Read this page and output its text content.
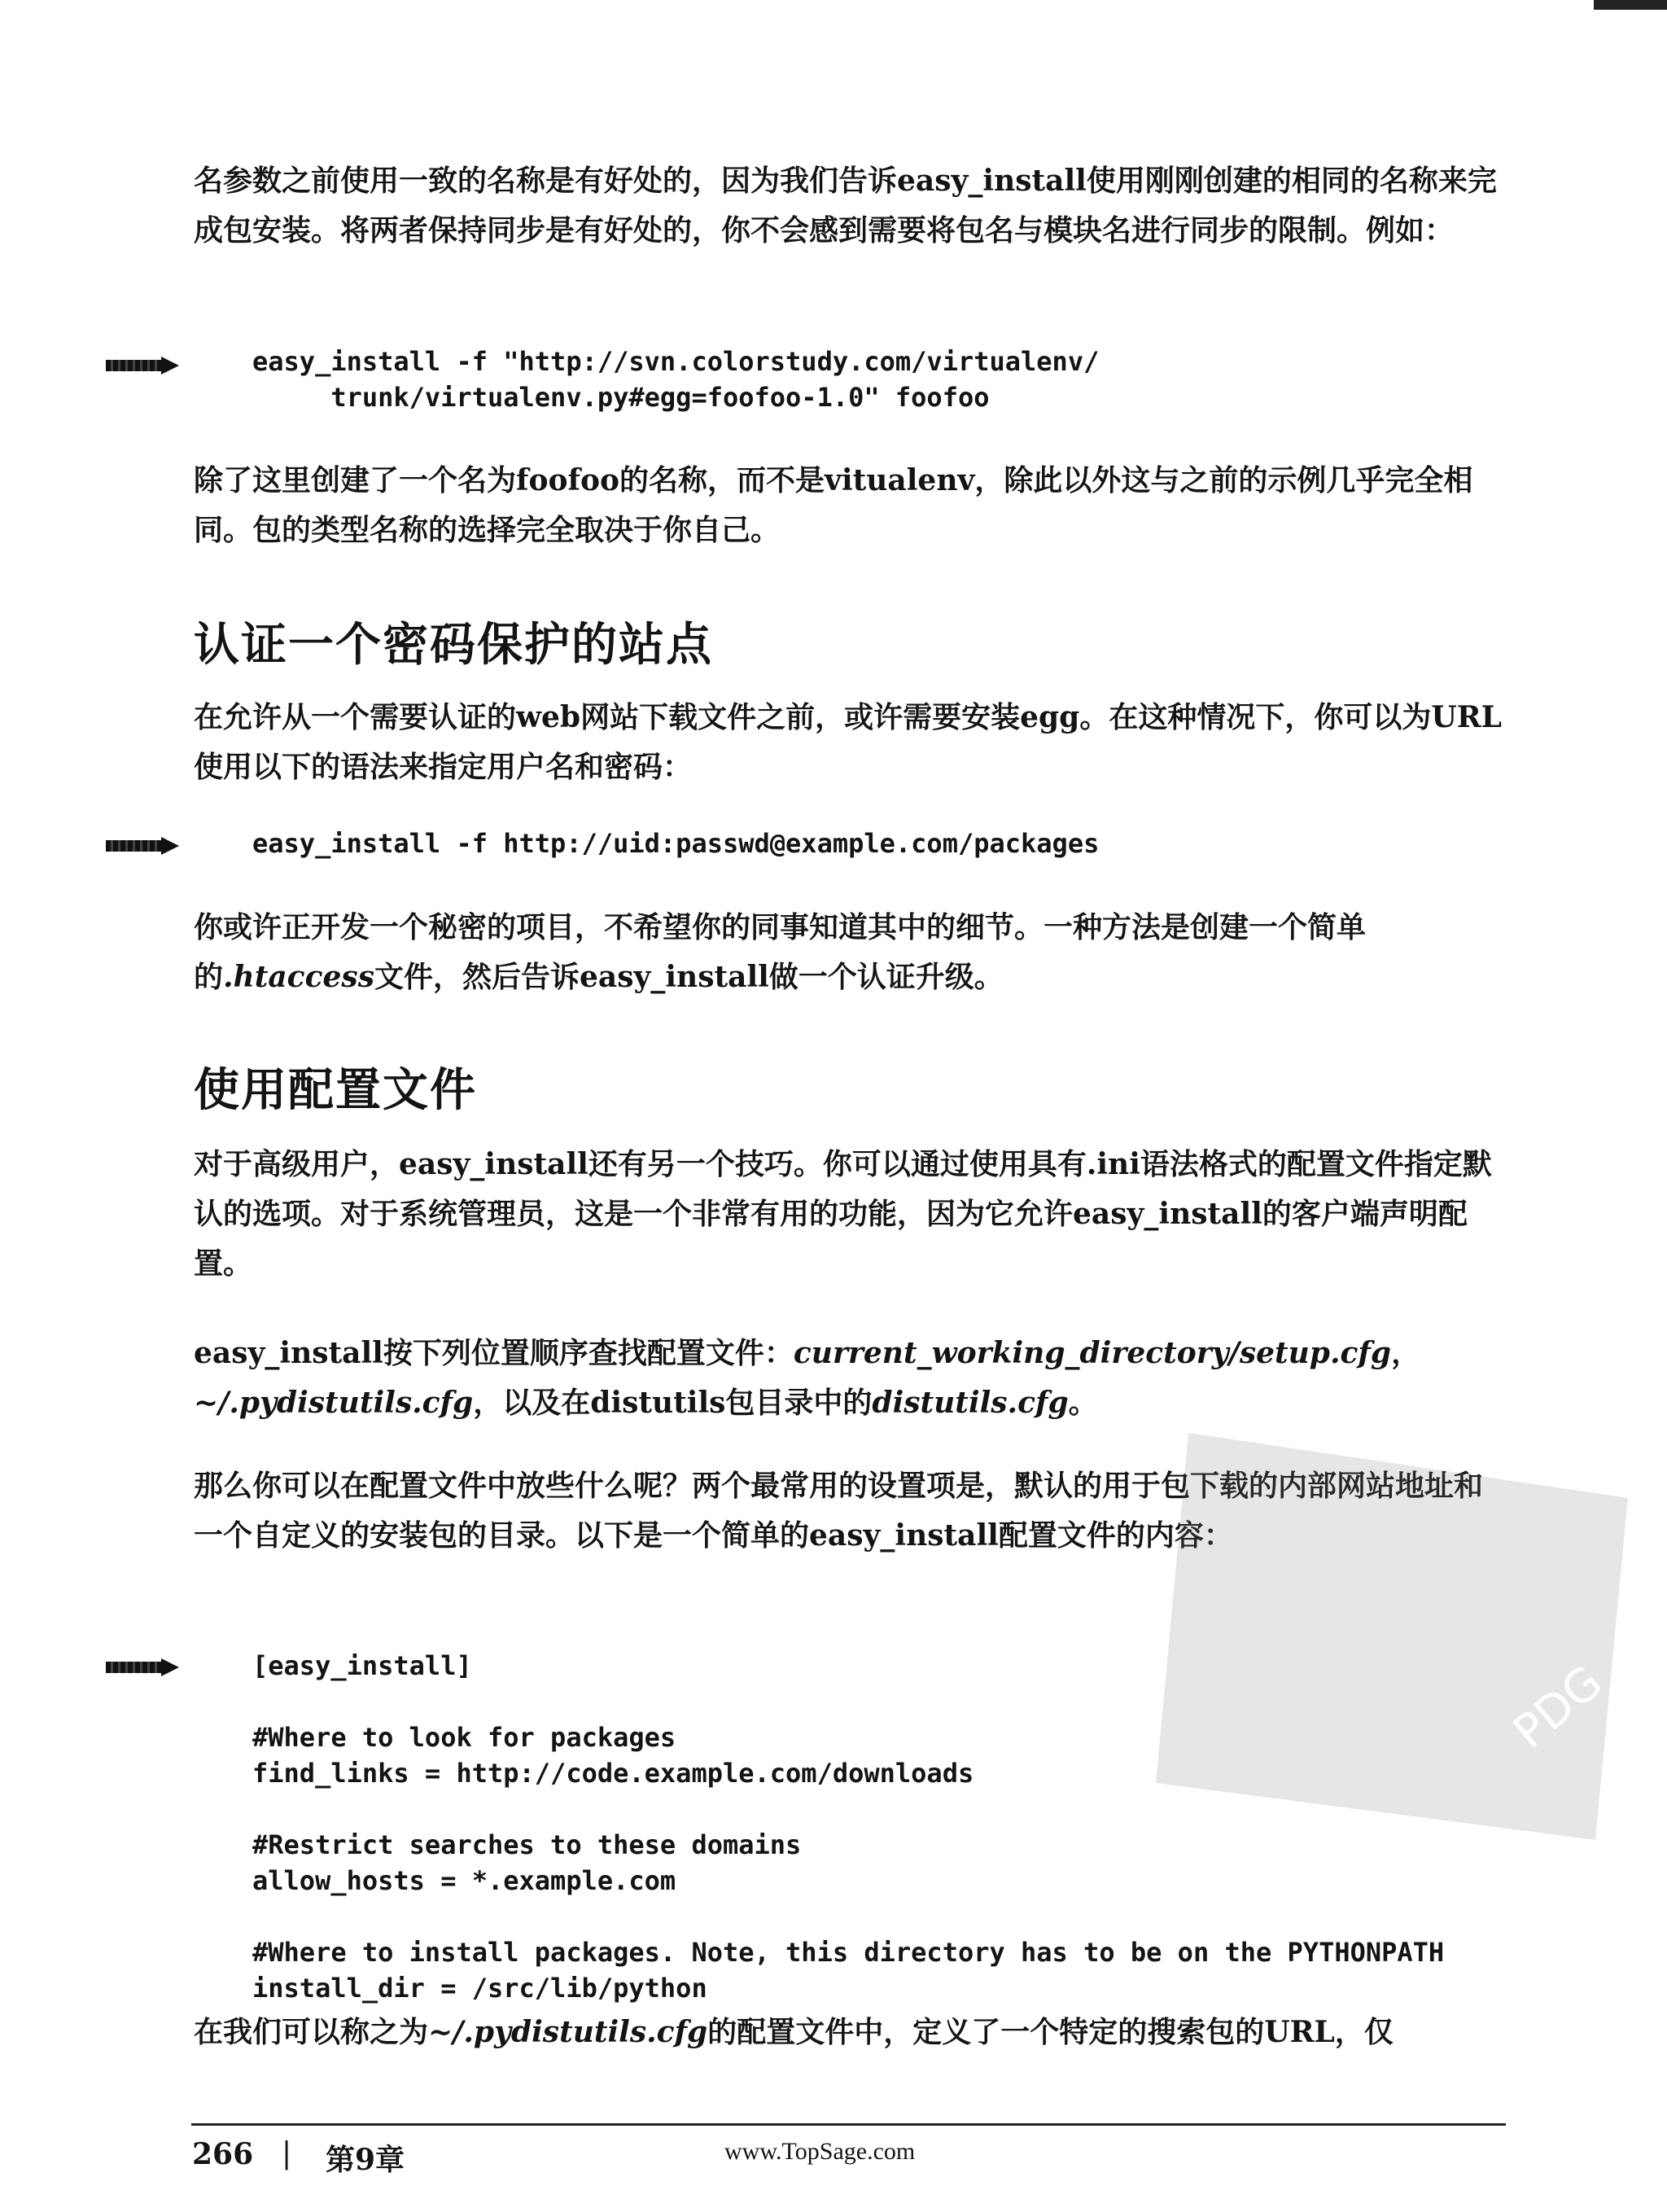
名参数之前使用一致的名称是有好处的，因为我们告诉easy_install使用刚刚创建的相同的名称来完成包安装。将两者保持同步是有好处的，你不会感到需要将包名与模块名进行同步的限制。例如：

easy_install -f "http://svn.colorstudy.com/virtualenv/
trunk/virtualenv.py#egg=foofoo-1.0" foofoo

除了这里创建了一个名为foofoo的名称，而不是vitualenv，除此以外这与之前的示例几乎完全相同。包的类型名称的选择完全取决于你自己。

认证一个密码保护的站点

在允许从一个需要认证的web网站下载文件之前，或许需要安装egg。在这种情况下，你可以为URL使用以下的语法来指定用户名和密码：

easy_install -f http://uid:passwd@example.com/packages

你或许正开发一个秘密的项目，不希望你的同事知道其中的细节。一种方法是创建一个简单的.htaccess文件，然后告诉easy_install做一个认证升级。

使用配置文件

对于高级用户，easy_install还有另一个技巧。你可以通过使用具有.ini语法格式的配置文件指定默认的选项。对于系统管理员，这是一个非常有用的功能，因为它允许easy_install的客户端声明配置。

easy_install按下列位置顺序查找配置文件：current_working_directory/setup.cfg，~/.pydistutils.cfg，以及在distutils包目录中的distutils.cfg。

那么你可以在配置文件中放些什么呢？两个最常用的设置项是，默认的用于包下载的内部网站地址和一个自定义的安装包的目录。以下是一个简单的easy_install配置文件的内容：

[easy_install]

#Where to look for packages
find_links = http://code.example.com/downloads

#Restrict searches to these domains
allow_hosts = *.example.com

#Where to install packages. Note, this directory has to be on the PYTHONPATH
install_dir = /src/lib/python

在我们可以称之为~/.pydistutils.cfg的配置文件中，定义了一个特定的搜索包的URL，仅

PDG
266 | 第9章	www.TopSage.com
